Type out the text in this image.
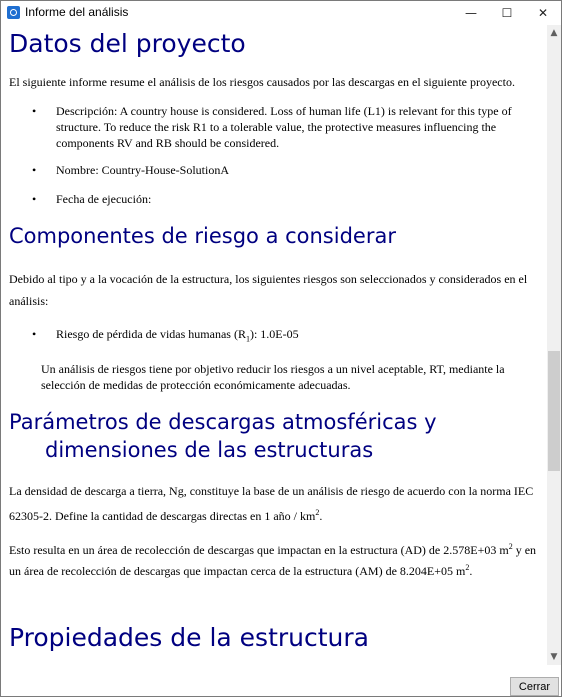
Informe del análisis	—	☐	✕
Datos del proyecto

El siguiente informe resume el análisis de los riesgos causados por las descargas en el siguiente proyecto.

• Descripción: A country house is considered. Loss of human life (L1) is relevant for this type of structure. To reduce the risk R1 to a tolerable value, the protective measures influencing the components RV and RB should be considered.
• Nombre: Country-House-SolutionA
• Fecha de ejecución:
Componentes de riesgo a considerar

Debido al tipo y a la vocación de la estructura, los siguientes riesgos son seleccionados y considerados en el análisis:

• Riesgo de pérdida de vidas humanas $(R_1)$: 1.0E-05

Un análisis de riesgos tiene por objetivo reducir los riesgos a un nivel aceptable, RT, mediante la selección de medidas de protección económicamente adecuadas.

Parámetros de descargas atmosféricas y
dimensiones de las estructuras

La densidad de descarga a tierra, Ng, constituye la base de un análisis de riesgo de acuerdo con la norma IEC 62305-2. Define la cantidad de descargas directas en 1 año / $km^2$.

Esto resulta en un área de recolección de descargas que impactan en la estructura (AD) de 2.578E+03 $m^2$ y en un área de recolección de descargas que impactan cerca de la estructura (AM) de 8.204E+05 $m^2$.

Propiedades de la estructura
▲
▼
Cerrar
